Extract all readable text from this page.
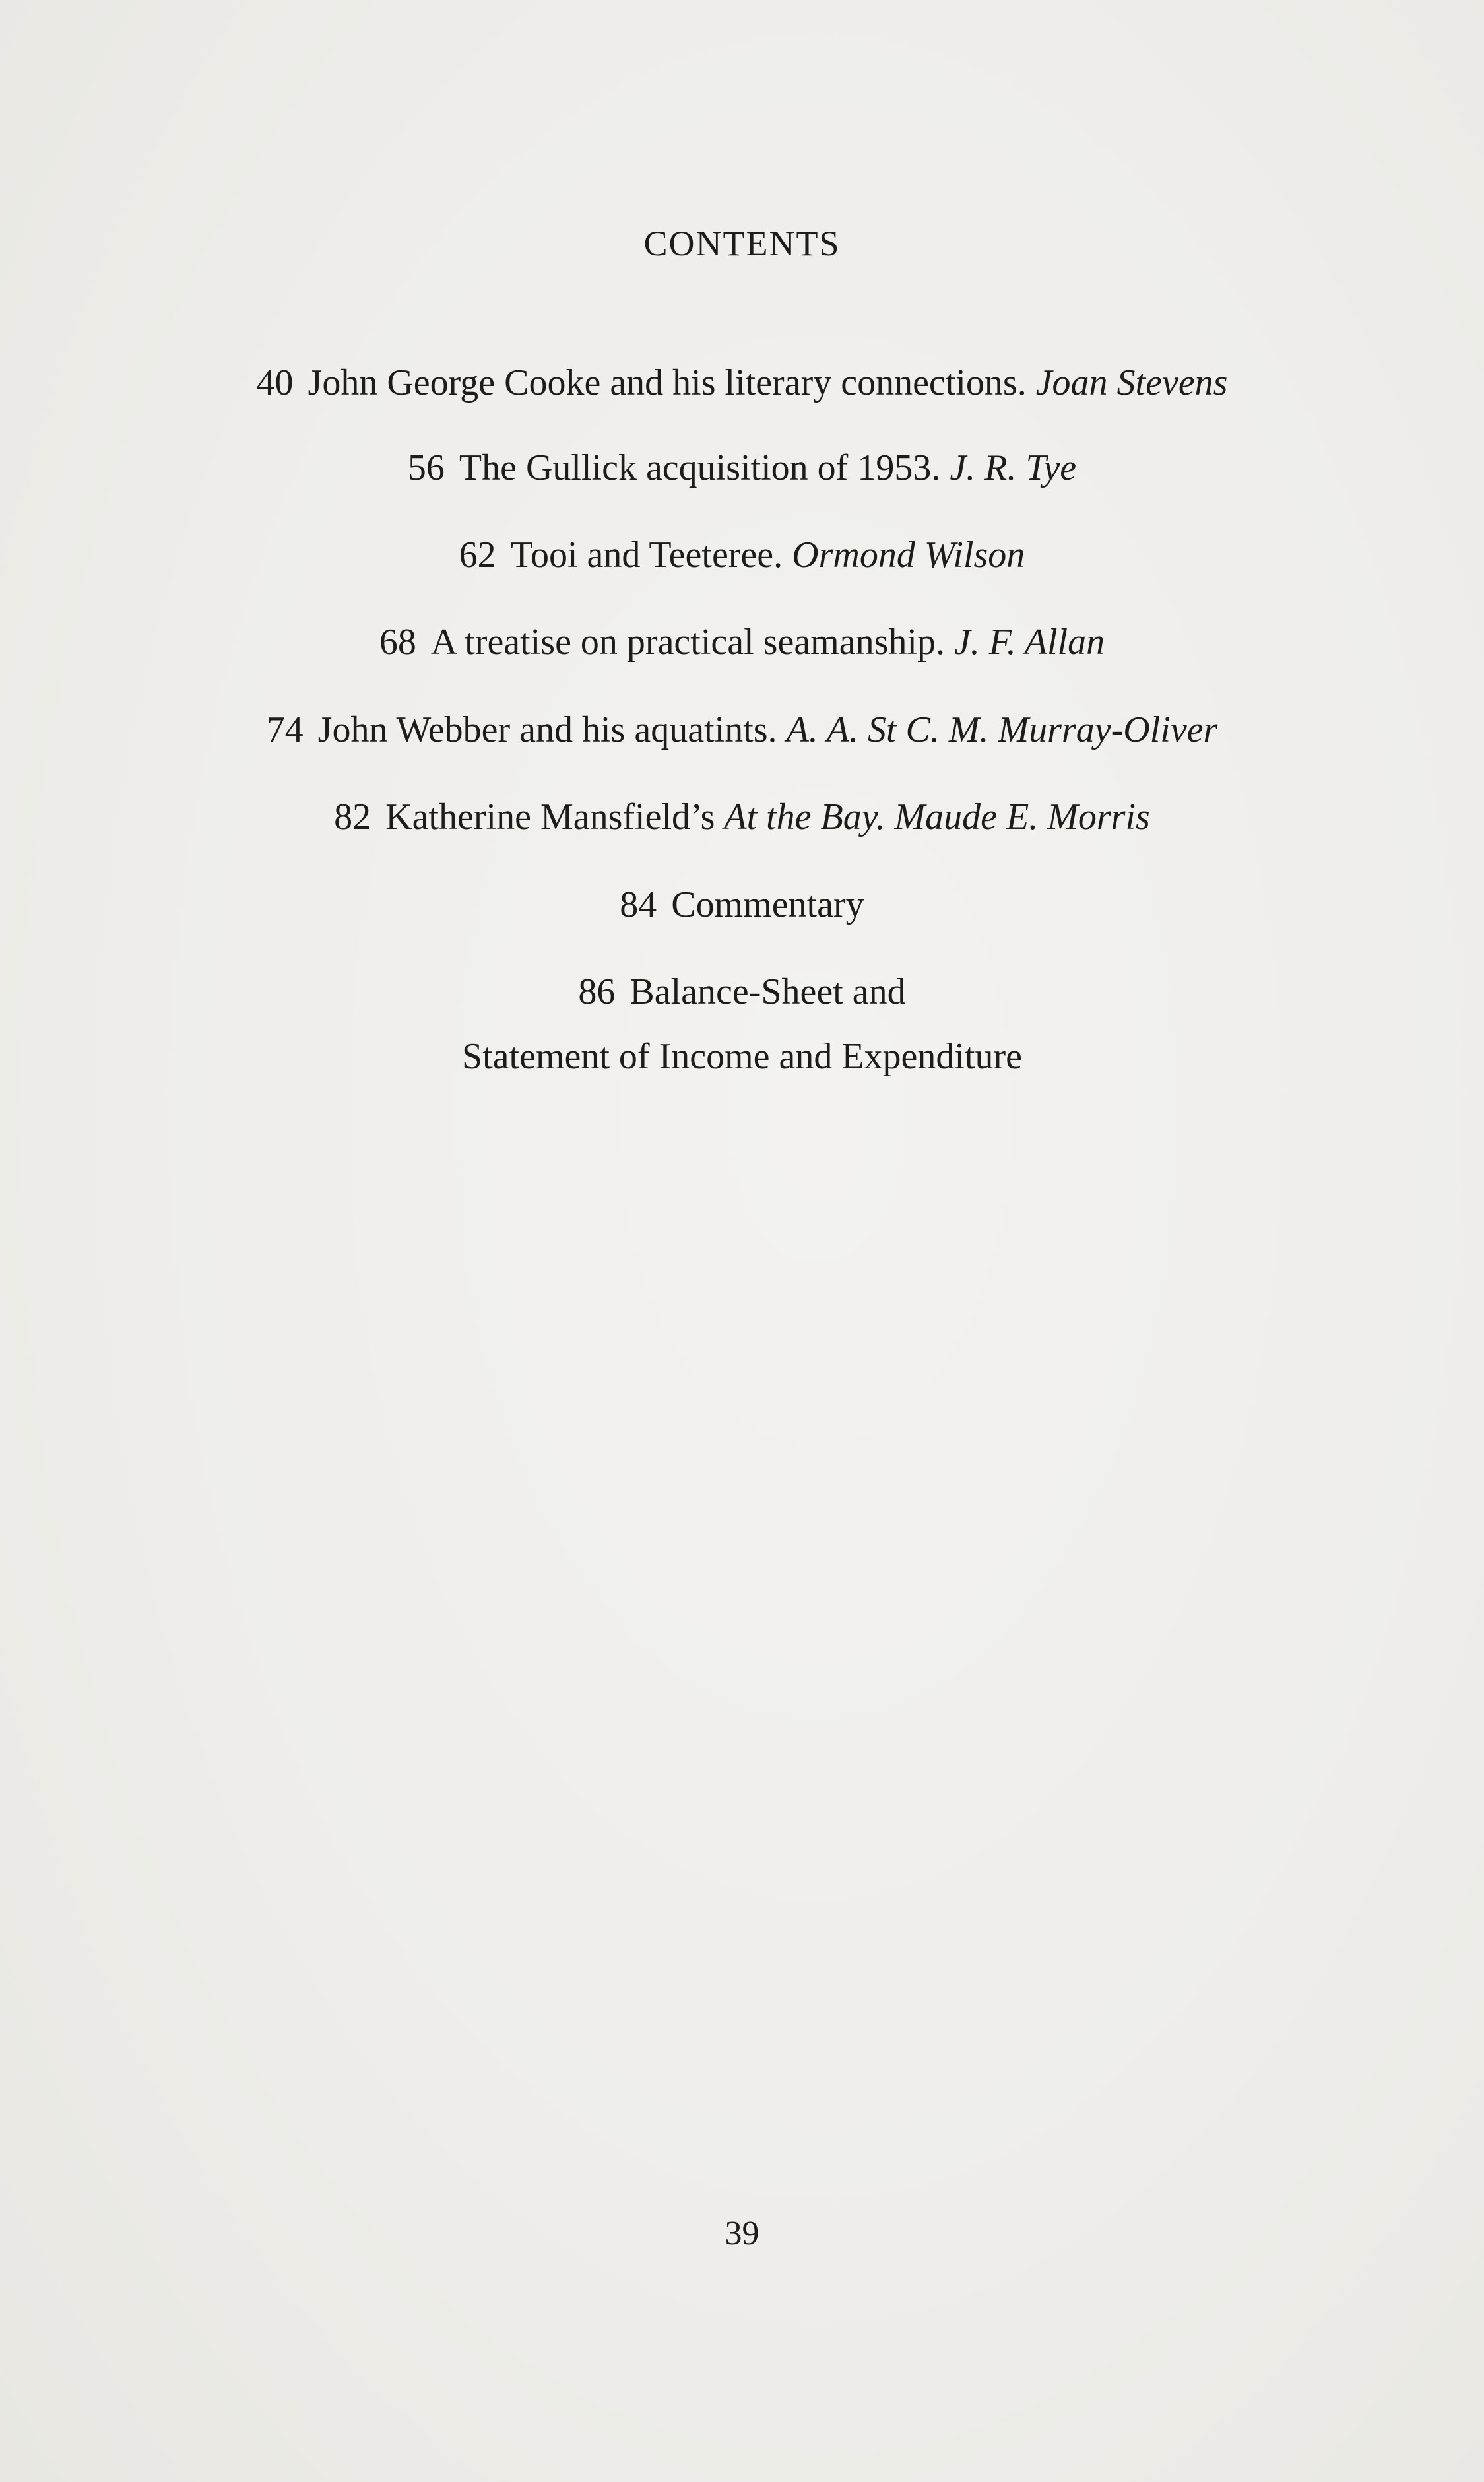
CONTENTS
40 John George Cooke and his literary connections. Joan Stevens
56 The Gullick acquisition of 1953. J. R. Tye
62 Tooi and Teeteree. Ormond Wilson
68 A treatise on practical seamanship. J. F. Allan
74 John Webber and his aquatints. A. A. St C. M. Murray-Oliver
82 Katherine Mansfield’s At the Bay. Maude E. Morris
84 Commentary
86 Balance-Sheet and
Statement of Income and Expenditure
39
